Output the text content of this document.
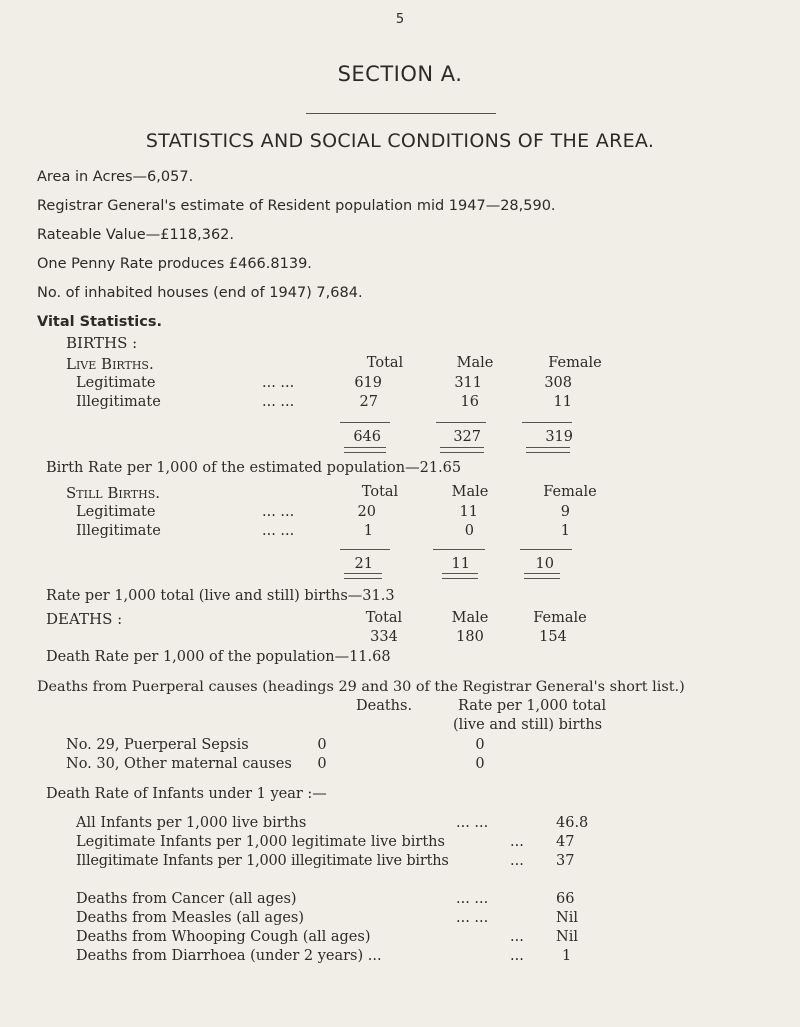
5
SECTION A.
STATISTICS AND SOCIAL CONDITIONS OF THE AREA.
Area in Acres—6,057.
Registrar General's estimate of Resident population mid 1947—28,590.
Rateable Value—£118,362.
One Penny Rate produces £466.8139.
No. of inhabited houses (end of 1947) 7,684.
Vital Statistics.
BIRTHS :
Live Births.	Total	Male	Female
Legitimate	... ...	619	311	308
Illegitimate	... ...	27	16	11
646	327	319
Birth Rate per 1,000 of the estimated population—21.65
Still Births.	Total	Male	Female
Legitimate	... ...	20	11	9
Illegitimate	... ...	1	0	1
21	11	10
Rate per 1,000 total (live and still) births—31.3
DEATHS :	Total	Male	Female
334	180	154
Death Rate per 1,000 of the population—11.68
Deaths from Puerperal causes (headings 29 and 30 of the Registrar General's short list.)
Deaths.	Rate per 1,000 total
(live and still) births
No. 29, Puerperal Sepsis	0	0
No. 30, Other maternal causes	0	0
Death Rate of Infants under 1 year :—
All Infants per 1,000 live births	... ...	46.8
Legitimate Infants per 1,000 legitimate live births	... 47
Illegitimate Infants per 1,000 illegitimate live births	... 37
Deaths from Cancer (all ages)	... ...	66
Deaths from Measles (all ages)	... ...	Nil
Deaths from Whooping Cough (all ages)	... Nil
Deaths from Diarrhoea (under 2 years) ...	...	1
